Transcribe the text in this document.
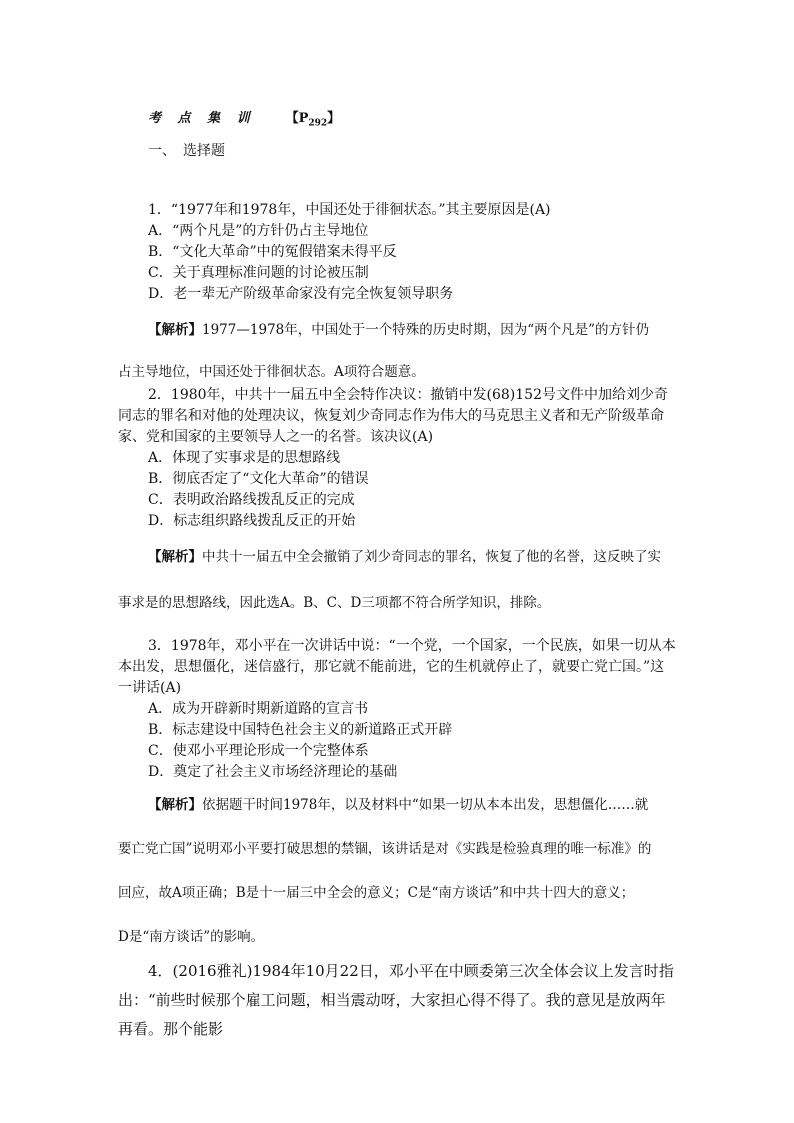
考 点 集 训 【$P_{292}$】
一、　选择题
1．“1977年和1978年，中国还处于徘徊状态。”其主要原因是(A)
A．“两个凡是”的方针仍占主导地位
B．“文化大革命”中的冤假错案未得平反
C．关于真理标准问题的讨论被压制
D．老一辈无产阶级革命家没有完全恢复领导职务

【解析】1977—1978年，中国处于一个特殊的历史时期，因为“两个凡是”的方针仍

占主导地位，中国还处于徘徊状态。A项符合题意。

2．1980年，中共十一届五中全会特作决议：撤销中发(68)152号文件中加给刘少奇同志的罪名和对他的处理决议，恢复刘少奇同志作为伟大的马克思主义者和无产阶级革命家、党和国家的主要领导人之一的名誉。该决议(A)
A．体现了实事求是的思想路线
B．彻底否定了“文化大革命”的错误
C．表明政治路线拨乱反正的完成
D．标志组织路线拨乱反正的开始

【解析】中共十一届五中全会撤销了刘少奇同志的罪名，恢复了他的名誉，这反映了实

事求是的思想路线，因此选A。B、C、D三项都不符合所学知识，排除。

3．1978年，邓小平在一次讲话中说：“一个党，一个国家，一个民族，如果一切从本本出发，思想僵化，迷信盛行，那它就不能前进，它的生机就停止了，就要亡党亡国。”这一讲话(A)
A．成为开辟新时期新道路的宣言书
B．标志建设中国特色社会主义的新道路正式开辟
C．使邓小平理论形成一个完整体系
D．奠定了社会主义市场经济理论的基础

【解析】依据题干时间1978年，以及材料中“如果一切从本本出发，思想僵化……就

要亡党亡国”说明邓小平要打破思想的禁锢，该讲话是对《实践是检验真理的唯一标准》的

回应，故A项正确；B是十一届三中全会的意义；C是“南方谈话”和中共十四大的意义；

D是“南方谈话”的影响。

4．(2016雅礼)1984年10月22日，邓小平在中顾委第三次全体会议上发言时指出：“前些时候那个雇工问题，相当震动呀，大家担心得不得了。我的意见是放两年再看。那个能影
